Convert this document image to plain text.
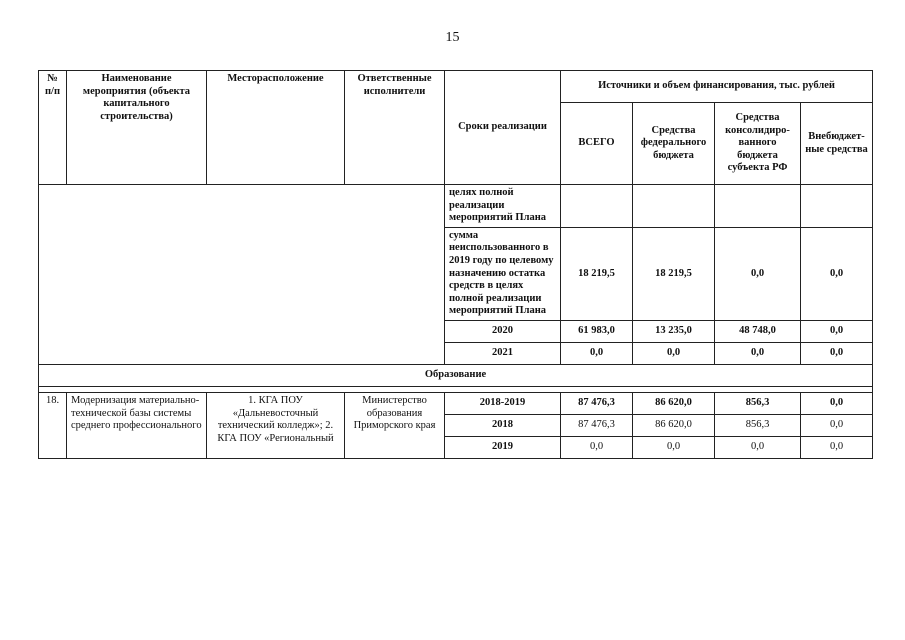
15
№ п/п	Наименование мероприятия (объекта капитального строительства)	Месторасположение	Ответственные исполнители	Сроки реализации	Источники и объем финансирования, тыс. рублей			
					ВСЕГО	Средства федерального бюджета	Средства консолидиро-ванного бюджета субъекта РФ	Внебюджет-ные средства
				целях полной реализации мероприятий Плана				
				сумма неиспользованного в 2019 году по целевому назначению остатка средств в целях полной реализации мероприятий Плана	18 219,5	18 219,5	0,0	0,0
				2020	61 983,0	13 235,0	48 748,0	0,0
				2021	0,0	0,0	0,0	0,0
Образование								

18.	Модернизация материально-технической базы системы среднего профессионального	1. КГА ПОУ «Дальневосточный технический колледж»; 2. КГА ПОУ «Региональный	Министерство образования Приморского края	2018-2019	87 476,3	86 620,0	856,3	0,0
				2018	87 476,3	86 620,0	856,3	0,0
				2019	0,0	0,0	0,0	0,0
